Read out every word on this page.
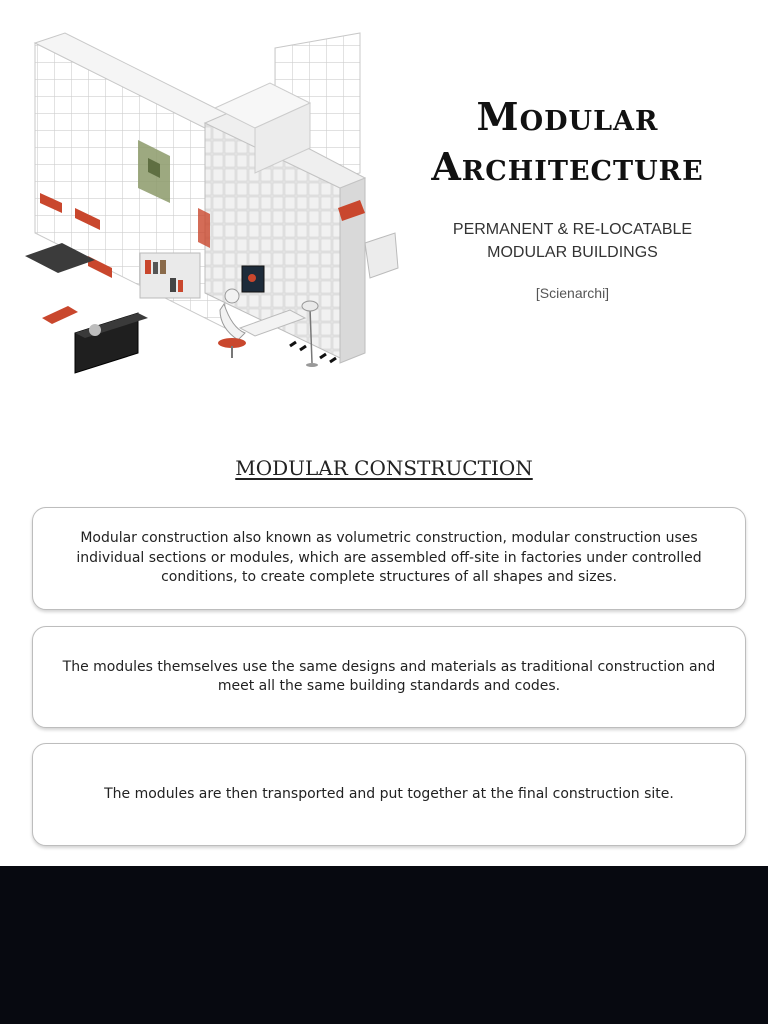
Modular Architecture
PERMANENT & RE-LOCATABLE
MODULAR BUILDINGS
[Scienarchi]
MODULAR CONSTRUCTION
Modular construction also known as volumetric construction, modular construction uses individual sections or modules, which are assembled off-site in factories under controlled conditions, to create complete structures of all shapes and sizes.
The modules themselves use the same designs and materials as traditional construction and meet all the same building standards and codes.
The modules are then transported and put together at the final construction site.
